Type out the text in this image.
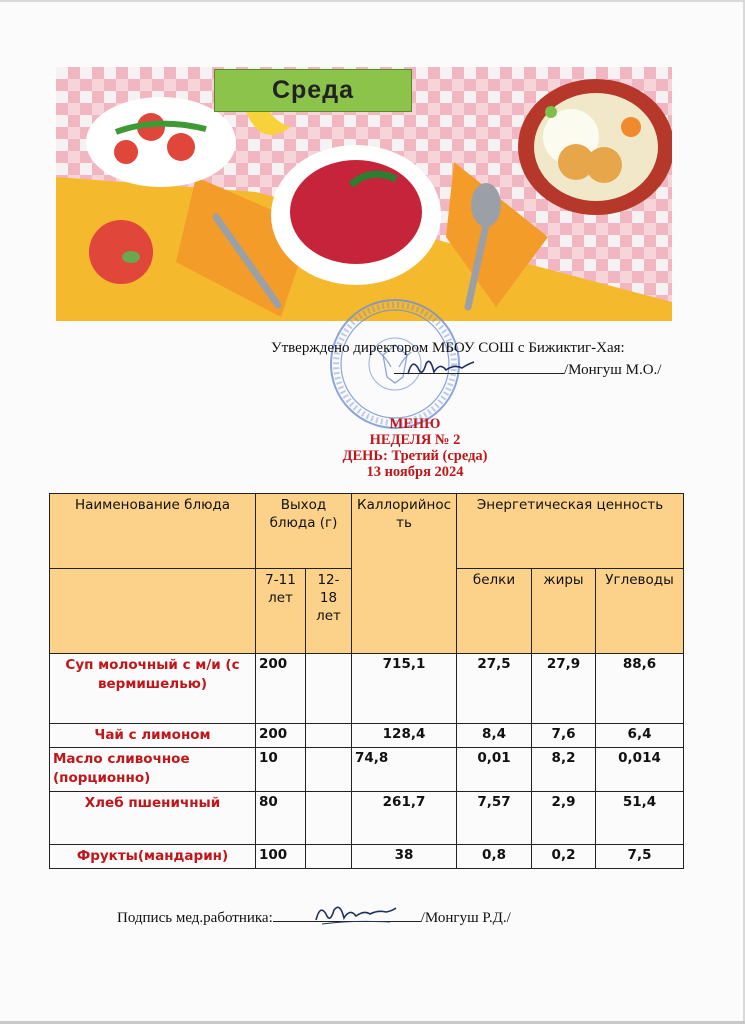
Среда
Утверждено директором МБОУ СОШ с Бижиктиг-Хая:
/Монгуш М.О./
МЕНЮ
НЕДЕЛЯ № 2
ДЕНЬ: Третий (среда)
13 ноября 2024
Наименование блюда	Выход блюда (г)		Каллорийность	Энергетическая ценность		
	7-11 лет	12-18 лет		белки	жиры	Углеводы
Суп молочный с м/и (с вермишелью)	200		715,1	27,5	27,9	88,6
Чай с лимоном	200		128,4	8,4	7,6	6,4
Масло сливочное (порционно)	10		74,8	0,01	8,2	0,014
Хлеб пшеничный	80		261,7	7,57	2,9	51,4
Фрукты(мандарин)	100		38	0,8	0,2	7,5
Подпись мед.работника:	/Монгуш Р.Д./
